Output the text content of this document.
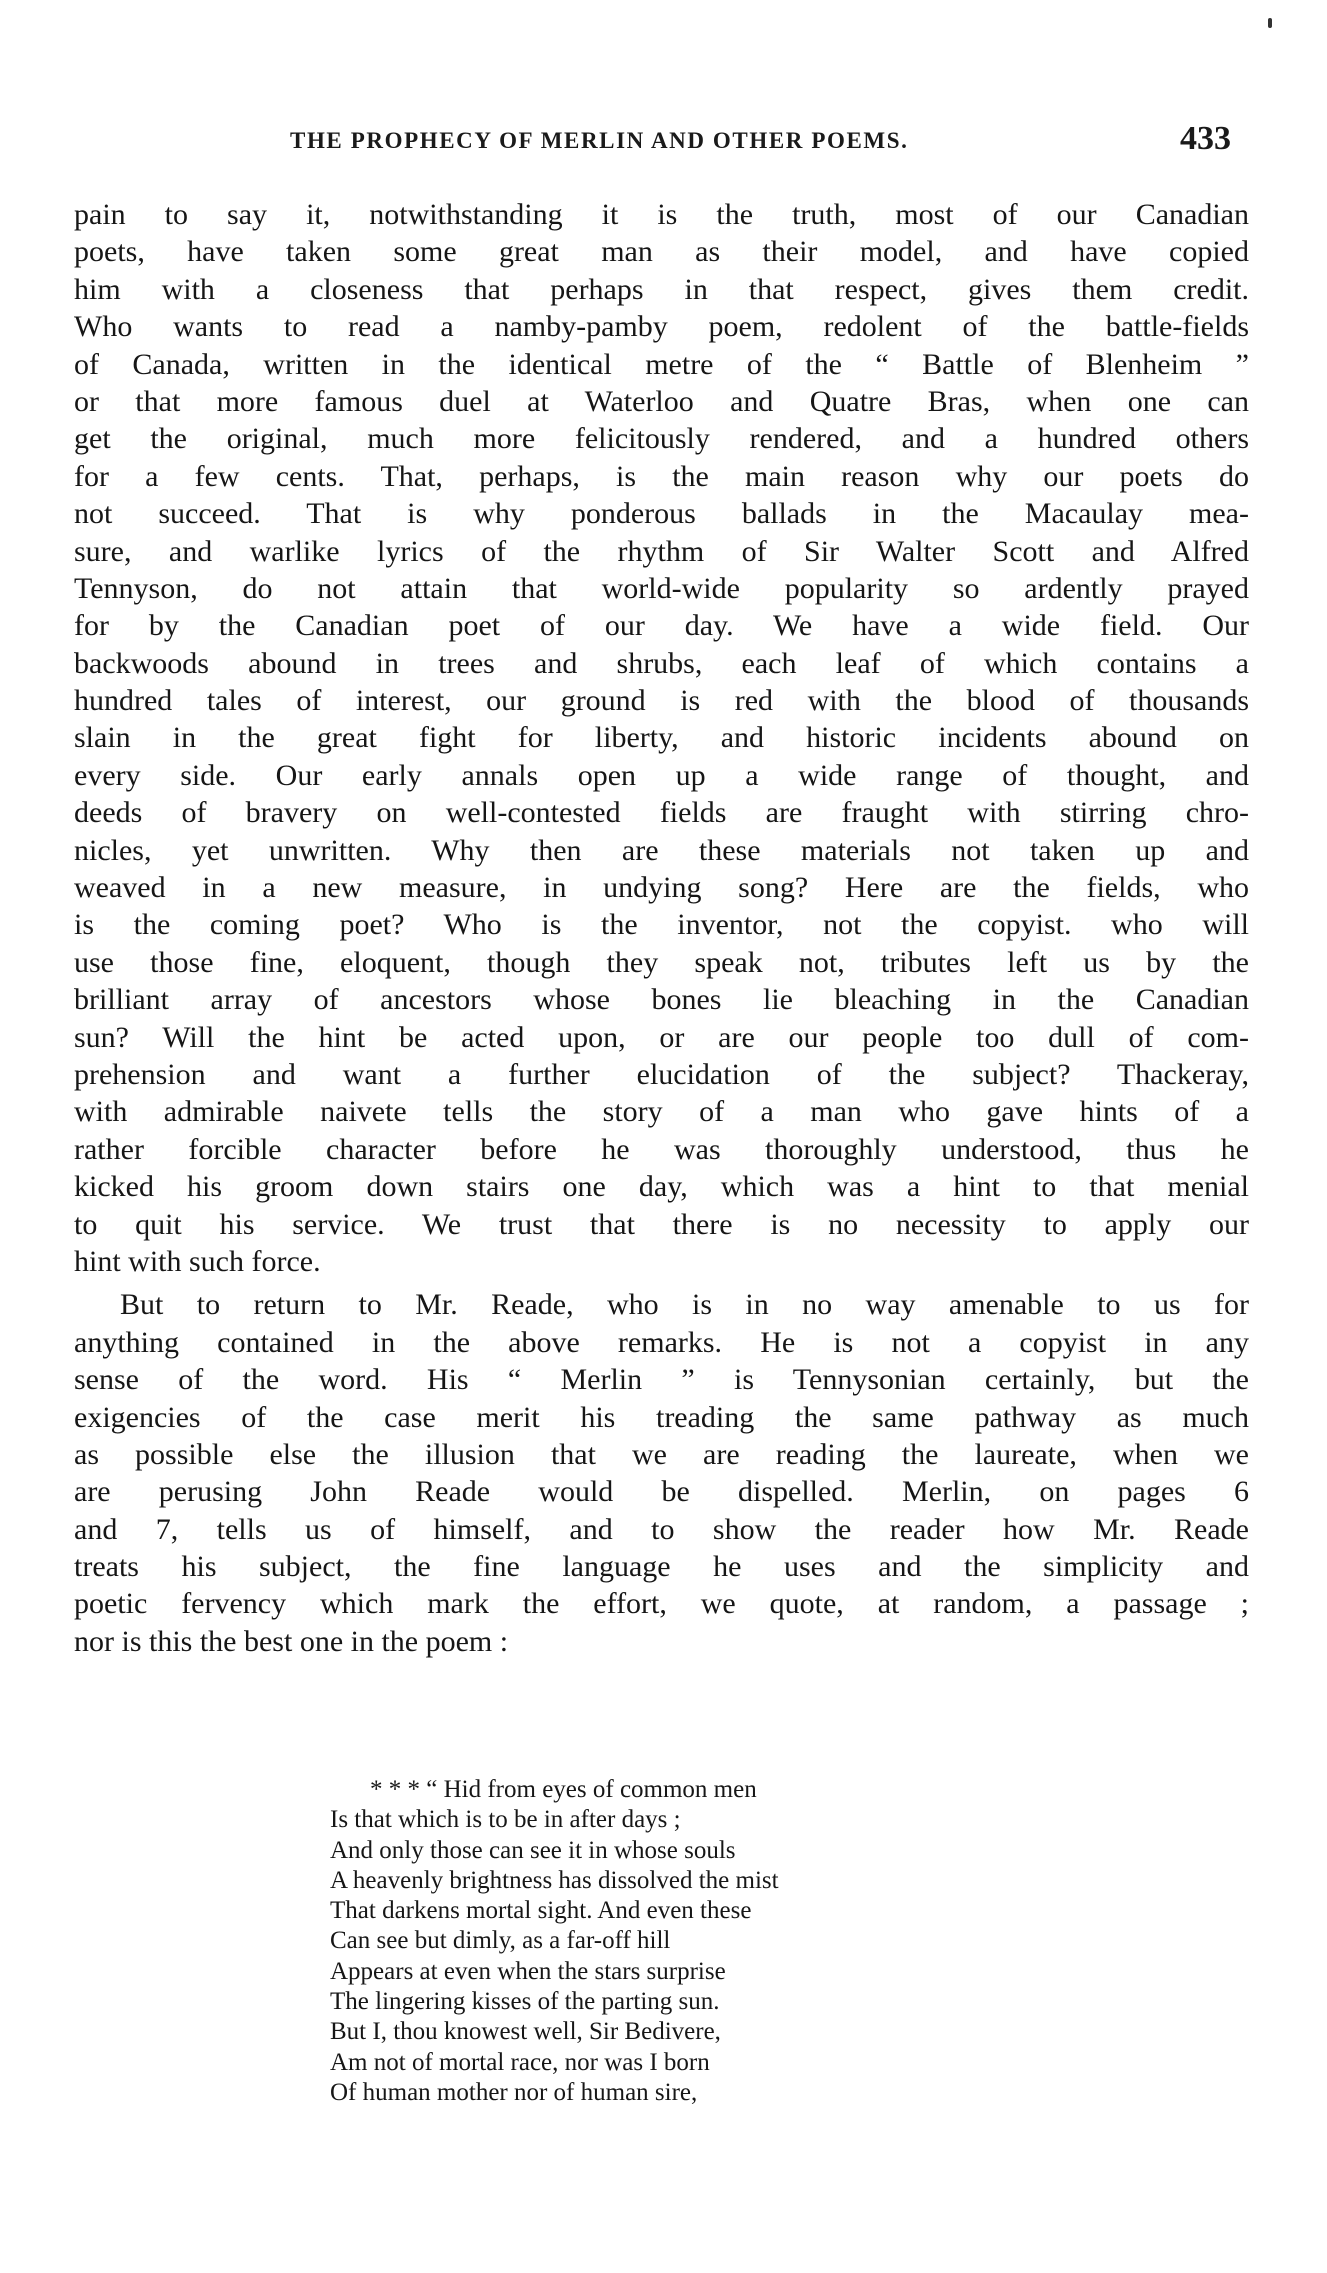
THE PROPHECY OF MERLIN AND OTHER POEMS.	433
pain to say it, notwithstanding it is the truth, most of our Canadian
poets, have taken some great man as their model, and have copied
him with a closeness that perhaps in that respect, gives them credit.
Who wants to read a namby-pamby poem, redolent of the battle-fields
of Canada, written in the identical metre of the “ Battle of Blenheim ”
or that more famous duel at Waterloo and Quatre Bras, when one can
get the original, much more felicitously rendered, and a hundred others
for a few cents. That, perhaps, is the main reason why our poets do
not succeed. That is why ponderous ballads in the Macaulay mea-
sure, and warlike lyrics of the rhythm of Sir Walter Scott and Alfred
Tennyson, do not attain that world-wide popularity so ardently prayed
for by the Canadian poet of our day. We have a wide field. Our
backwoods abound in trees and shrubs, each leaf of which contains a
hundred tales of interest, our ground is red with the blood of thousands
slain in the great fight for liberty, and historic incidents abound on
every side. Our early annals open up a wide range of thought, and
deeds of bravery on well-contested fields are fraught with stirring chro-
nicles, yet unwritten. Why then are these materials not taken up and
weaved in a new measure, in undying song? Here are the fields, who
is the coming poet? Who is the inventor, not the copyist. who will
use those fine, eloquent, though they speak not, tributes left us by the
brilliant array of ancestors whose bones lie bleaching in the Canadian
sun? Will the hint be acted upon, or are our people too dull of com-
prehension and want a further elucidation of the subject? Thackeray,
with admirable naivete tells the story of a man who gave hints of a
rather forcible character before he was thoroughly understood, thus he
kicked his groom down stairs one day, which was a hint to that menial
to quit his service. We trust that there is no necessity to apply our
hint with such force.
But to return to Mr. Reade, who is in no way amenable to us for
anything contained in the above remarks. He is not a copyist in any
sense of the word. His “ Merlin ” is Tennysonian certainly, but the
exigencies of the case merit his treading the same pathway as much
as possible else the illusion that we are reading the laureate, when we
are perusing John Reade would be dispelled. Merlin, on pages 6
and 7, tells us of himself, and to show the reader how Mr. Reade
treats his subject, the fine language he uses and the simplicity and
poetic fervency which mark the effort, we quote, at random, a passage ;
nor is this the best one in the poem :
* * * “ Hid from eyes of common men
Is that which is to be in after days ;
And only those can see it in whose souls
A heavenly brightness has dissolved the mist
That darkens mortal sight. And even these
Can see but dimly, as a far-off hill
Appears at even when the stars surprise
The lingering kisses of the parting sun.
But I, thou knowest well, Sir Bedivere,
Am not of mortal race, nor was I born
Of human mother nor of human sire,
